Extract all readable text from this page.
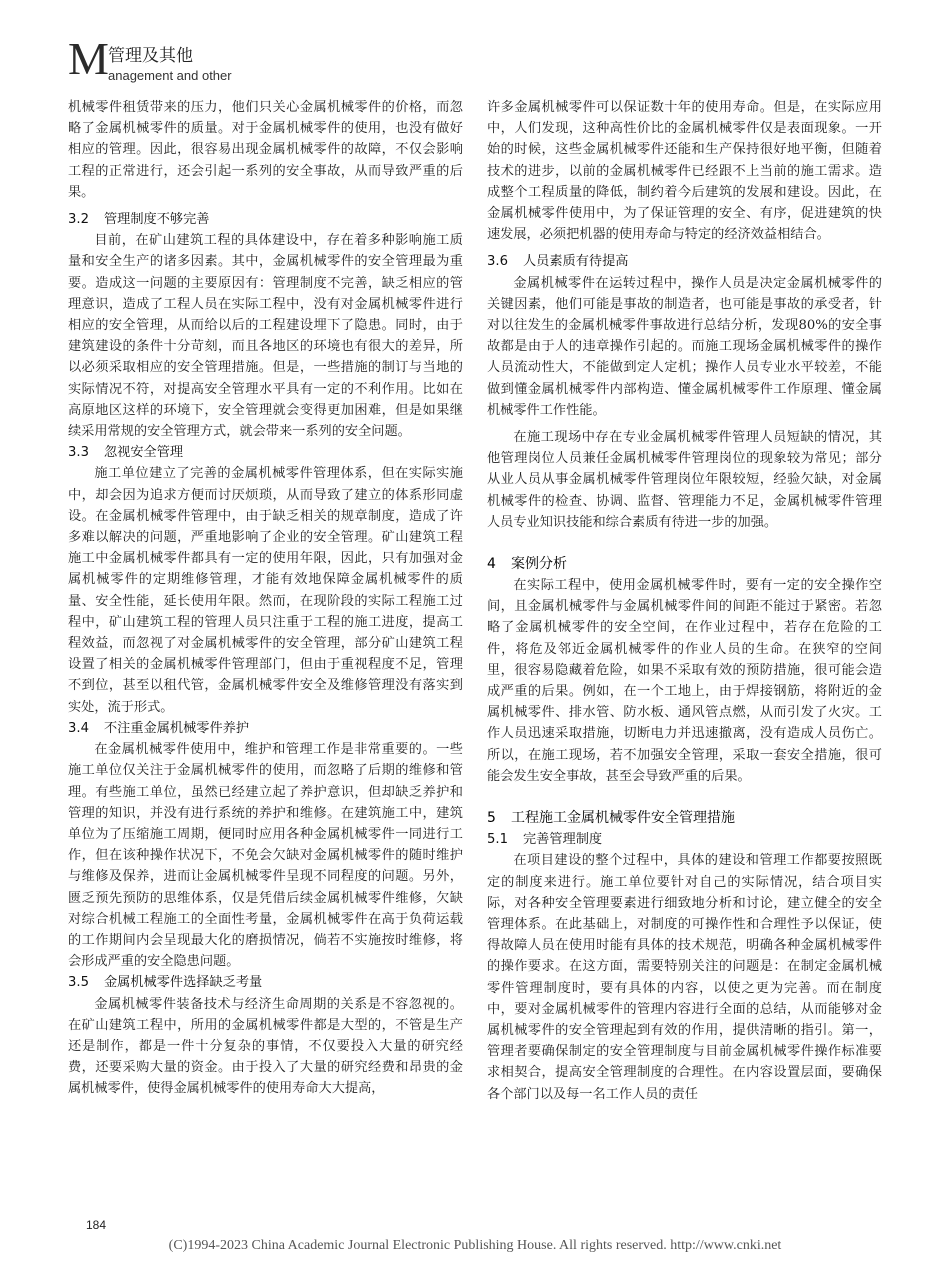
M 管理及其他
anagement and other

机械零件租赁带来的压力，他们只关心金属机械零件的价格，而忽略了金属机械零件的质量。对于金属机械零件的使用，也没有做好相应的管理。因此，很容易出现金属机械零件的故障，不仅会影响工程的正常进行，还会引起一系列的安全事故，从而导致严重的后果。

3.2 管理制度不够完善

目前，在矿山建筑工程的具体建设中，存在着多种影响施工质量和安全生产的诸多因素。其中，金属机械零件的安全管理最为重要。造成这一问题的主要原因有：管理制度不完善，缺乏相应的管理意识，造成了工程人员在实际工程中，没有对金属机械零件进行相应的安全管理，从而给以后的工程建设埋下了隐患。同时，由于建筑建设的条件十分苛刻，而且各地区的环境也有很大的差异，所以必须采取相应的安全管理措施。但是，一些措施的制订与当地的实际情况不符，对提高安全管理水平具有一定的不利作用。比如在高原地区这样的环境下，安全管理就会变得更加困难，但是如果继续采用常规的安全管理方式，就会带来一系列的安全问题。

3.3 忽视安全管理

施工单位建立了完善的金属机械零件管理体系，但在实际实施中，却会因为追求方便而讨厌烦琐，从而导致了建立的体系形同虚设。在金属机械零件管理中，由于缺乏相关的规章制度，造成了许多难以解决的问题，严重地影响了企业的安全管理。矿山建筑工程施工中金属机械零件都具有一定的使用年限，因此，只有加强对金属机械零件的定期维修管理，才能有效地保障金属机械零件的质量、安全性能，延长使用年限。然而，在现阶段的实际工程施工过程中，矿山建筑工程的管理人员只注重于工程的施工进度，提高工程效益，而忽视了对金属机械零件的安全管理，部分矿山建筑工程设置了相关的金属机械零件管理部门，但由于重视程度不足，管理不到位，甚至以租代管，金属机械零件安全及维修管理没有落实到实处，流于形式。

3.4 不注重金属机械零件养护

在金属机械零件使用中，维护和管理工作是非常重要的。一些施工单位仅关注于金属机械零件的使用，而忽略了后期的维修和管理。有些施工单位，虽然已经建立起了养护意识，但却缺乏养护和管理的知识，并没有进行系统的养护和维修。在建筑施工中，建筑单位为了压缩施工周期，便同时应用各种金属机械零件一同进行工作，但在该种操作状况下，不免会欠缺对金属机械零件的随时维护与维修及保养，进而让金属机械零件呈现不同程度的问题。另外，匮乏预先预防的思维体系，仅是凭借后续金属机械零件维修，欠缺对综合机械工程施工的全面性考量，金属机械零件在高于负荷运载的工作期间内会呈现最大化的磨损情况，倘若不实施按时维修，将会形成严重的安全隐患问题。

3.5 金属机械零件选择缺乏考量

金属机械零件装备技术与经济生命周期的关系是不容忽视的。在矿山建筑工程中，所用的金属机械零件都是大型的，不管是生产还是制作，都是一件十分复杂的事情，不仅要投入大量的研究经费，还要采购大量的资金。由于投入了大量的研究经费和昂贵的金属机械零件，使得金属机械零件的使用寿命大大提高，

许多金属机械零件可以保证数十年的使用寿命。但是，在实际应用中，人们发现，这种高性价比的金属机械零件仅是表面现象。一开始的时候，这些金属机械零件还能和生产保持很好地平衡，但随着技术的进步，以前的金属机械零件已经跟不上当前的施工需求。造成整个工程质量的降低，制约着今后建筑的发展和建设。因此，在金属机械零件使用中，为了保证管理的安全、有序，促进建筑的快速发展，必须把机器的使用寿命与特定的经济效益相结合。

3.6 人员素质有待提高

金属机械零件在运转过程中，操作人员是决定金属机械零件的关键因素，他们可能是事故的制造者，也可能是事故的承受者，针对以往发生的金属机械零件事故进行总结分析，发现80%的安全事故都是由于人的违章操作引起的。而施工现场金属机械零件的操作人员流动性大，不能做到定人定机；操作人员专业水平较差，不能做到懂金属机械零件内部构造、懂金属机械零件工作原理、懂金属机械零件工作性能。

在施工现场中存在专业金属机械零件管理人员短缺的情况，其他管理岗位人员兼任金属机械零件管理岗位的现象较为常见；部分从业人员从事金属机械零件管理岗位年限较短，经验欠缺，对金属机械零件的检查、协调、监督、管理能力不足，金属机械零件管理人员专业知识技能和综合素质有待进一步的加强。

4 案例分析

在实际工程中，使用金属机械零件时，要有一定的安全操作空间，且金属机械零件与金属机械零件间的间距不能过于紧密。若忽略了金属机械零件的安全空间，在作业过程中，若存在危险的工件，将危及邻近金属机械零件的作业人员的生命。在狭窄的空间里，很容易隐藏着危险，如果不采取有效的预防措施，很可能会造成严重的后果。例如，在一个工地上，由于焊接钢筋，将附近的金属机械零件、排水管、防水板、通风管点燃，从而引发了火灾。工作人员迅速采取措施，切断电力并迅速撤离，没有造成人员伤亡。所以，在施工现场，若不加强安全管理，采取一套安全措施，很可能会发生安全事故，甚至会导致严重的后果。

5 工程施工金属机械零件安全管理措施
5.1 完善管理制度

在项目建设的整个过程中，具体的建设和管理工作都要按照既定的制度来进行。施工单位要针对自己的实际情况，结合项目实际，对各种安全管理要素进行细致地分析和讨论，建立健全的安全管理体系。在此基础上，对制度的可操作性和合理性予以保证，使得故障人员在使用时能有具体的技术规范，明确各种金属机械零件的操作要求。在这方面，需要特别关注的问题是：在制定金属机械零件管理制度时，要有具体的内容，以使之更为完善。而在制度中，要对金属机械零件的管理内容进行全面的总结，从而能够对金属机械零件的安全管理起到有效的作用，提供清晰的指引。第一，管理者要确保制定的安全管理制度与目前金属机械零件操作标准要求相契合，提高安全管理制度的合理性。在内容设置层面，要确保各个部门以及每一名工作人员的责任

184
(C)1994-2023 China Academic Journal Electronic Publishing House. All rights reserved. http://www.cnki.net
